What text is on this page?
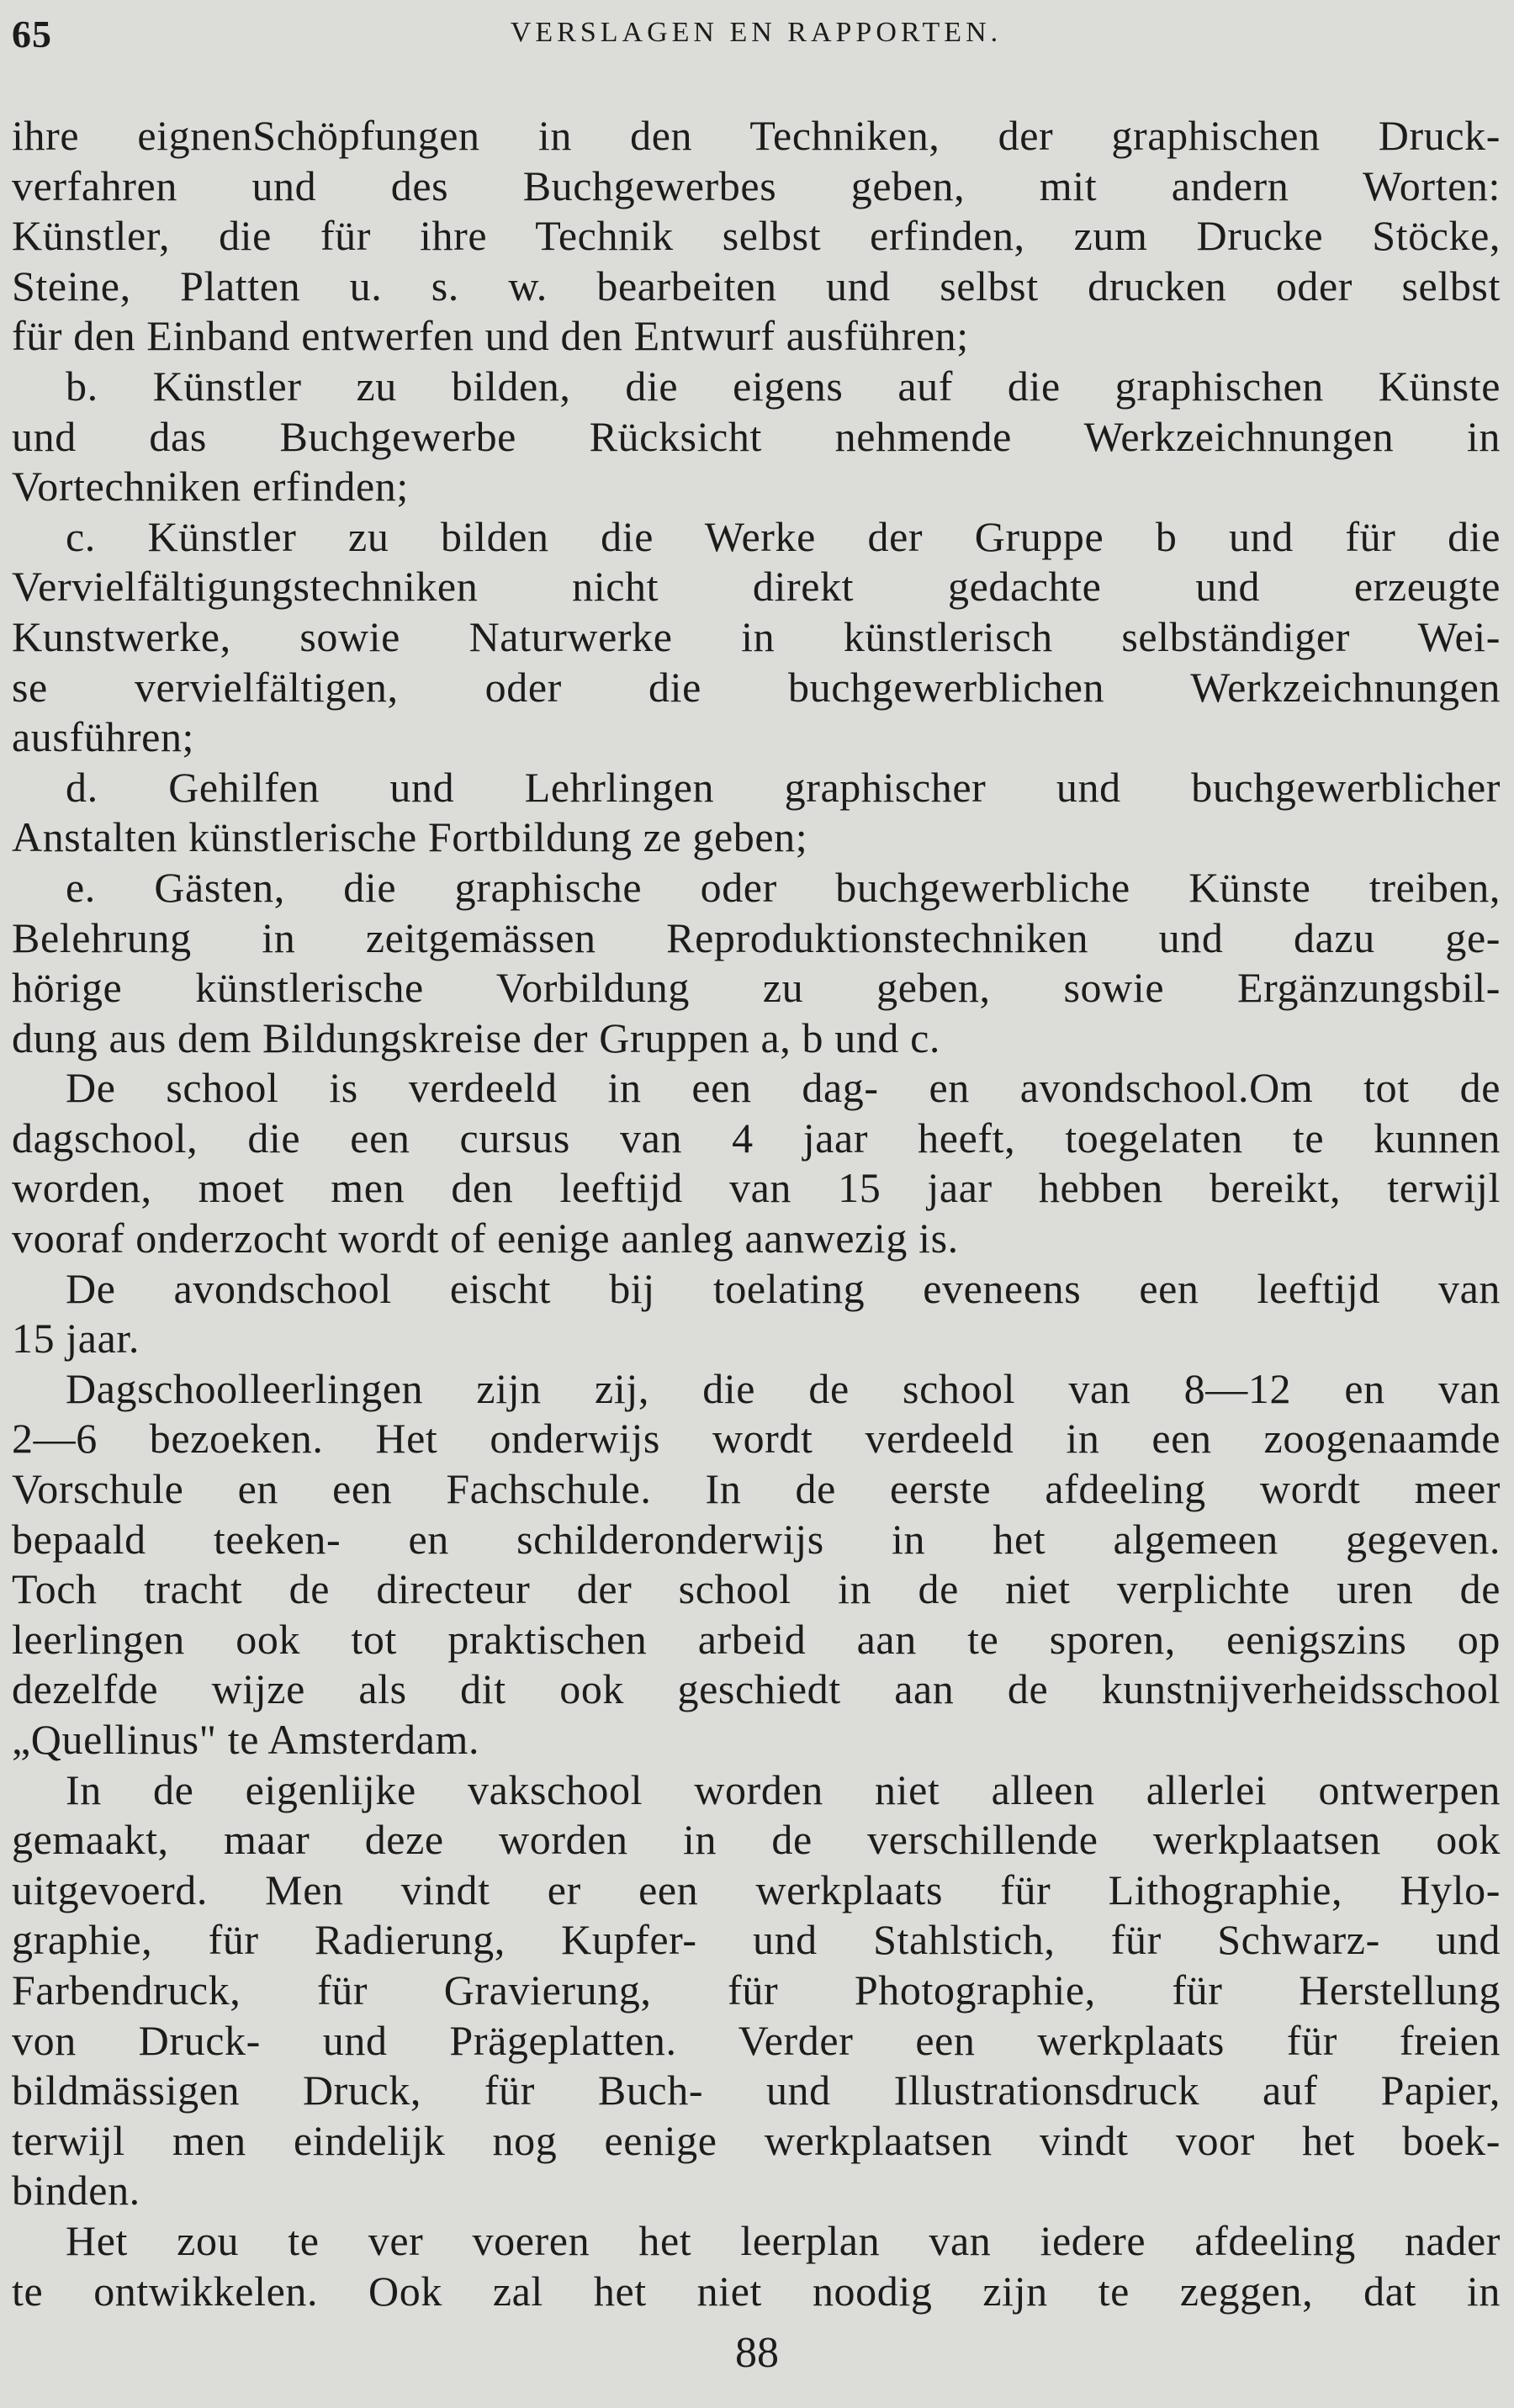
65	VERSLAGEN EN RAPPORTEN.
ihre eignenSchöpfungen in den Techniken, der graphischen Druck-
verfahren und des Buchgewerbes geben, mit andern Worten:
Künstler, die für ihre Technik selbst erfinden, zum Drucke Stöcke,
Steine, Platten u. s. w. bearbeiten und selbst drucken oder selbst
für den Einband entwerfen und den Entwurf ausführen;
b. Künstler zu bilden, die eigens auf die graphischen Künste
und das Buchgewerbe Rücksicht nehmende Werkzeichnungen in
Vortechniken erfinden;
c. Künstler zu bilden die Werke der Gruppe b und für die
Vervielfältigungstechniken nicht direkt gedachte und erzeugte
Kunstwerke, sowie Naturwerke in künstlerisch selbständiger Wei-
se vervielfältigen, oder die buchgewerblichen Werkzeichnungen
ausführen;
d. Gehilfen und Lehrlingen graphischer und buchgewerblicher
Anstalten künstlerische Fortbildung ze geben;
e. Gästen, die graphische oder buchgewerbliche Künste treiben,
Belehrung in zeitgemässen Reproduktionstechniken und dazu ge-
hörige künstlerische Vorbildung zu geben, sowie Ergänzungsbil-
dung aus dem Bildungskreise der Gruppen a, b und c.
De school is verdeeld in een dag- en avondschool.Om tot de
dagschool, die een cursus van 4 jaar heeft, toegelaten te kunnen
worden, moet men den leeftijd van 15 jaar hebben bereikt, terwijl
vooraf onderzocht wordt of eenige aanleg aanwezig is.
De avondschool eischt bij toelating eveneens een leeftijd van
15 jaar.
Dagschoolleerlingen zijn zij, die de school van 8—12 en van
2—6 bezoeken. Het onderwijs wordt verdeeld in een zoogenaamde
Vorschule en een Fachschule. In de eerste afdeeling wordt meer
bepaald teeken- en schilderonderwijs in het algemeen gegeven.
Toch tracht de directeur der school in de niet verplichte uren de
leerlingen ook tot praktischen arbeid aan te sporen, eenigszins op
dezelfde wijze als dit ook geschiedt aan de kunstnijverheidsschool
„Quellinus" te Amsterdam.
In de eigenlijke vakschool worden niet alleen allerlei ontwerpen
gemaakt, maar deze worden in de verschillende werkplaatsen ook
uitgevoerd. Men vindt er een werkplaats für Lithographie, Hylo-
graphie, für Radierung, Kupfer- und Stahlstich, für Schwarz- und
Farbendruck, für Gravierung, für Photographie, für Herstellung
von Druck- und Prägeplatten. Verder een werkplaats für freien
bildmässigen Druck, für Buch- und Illustrationsdruck auf Papier,
terwijl men eindelijk nog eenige werkplaatsen vindt voor het boek-
binden.
Het zou te ver voeren het leerplan van iedere afdeeling nader
te ontwikkelen. Ook zal het niet noodig zijn te zeggen, dat in
88
